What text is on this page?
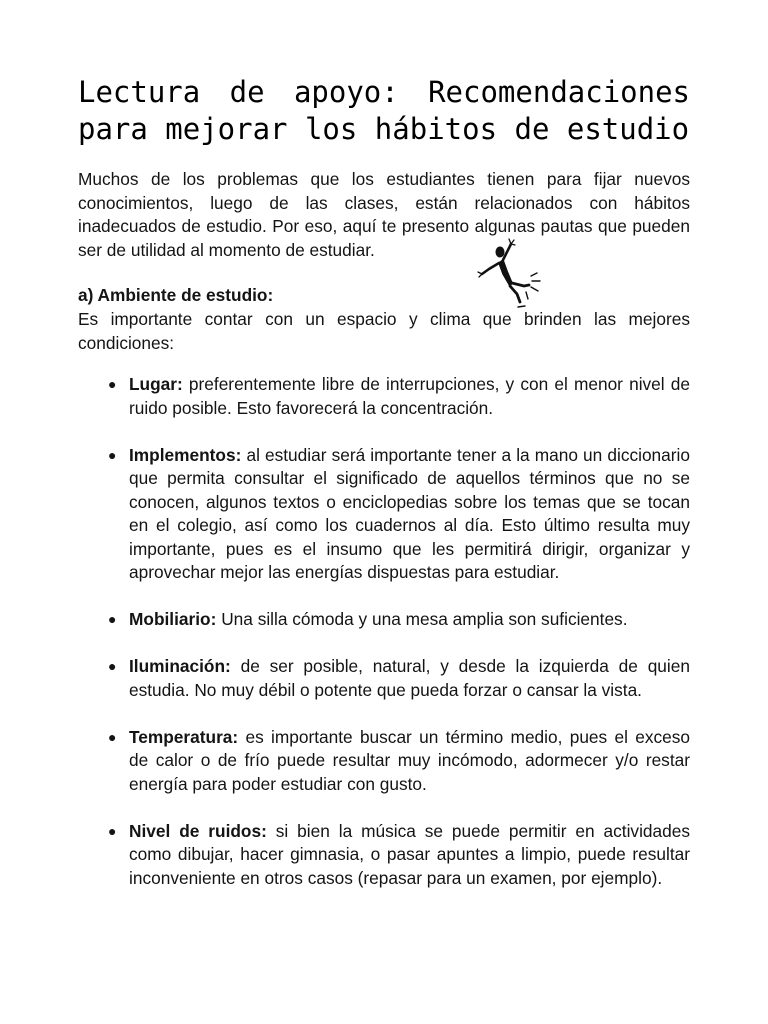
Lectura de apoyo: Recomendaciones para mejorar los hábitos de estudio

Muchos de los problemas que los estudiantes tienen para fijar nuevos conocimientos, luego de las clases, están relacionados con hábitos inadecuados de estudio. Por eso, aquí te presento algunas pautas que pueden ser de utilidad al momento de estudiar.

a) Ambiente de estudio:

Es importante contar con un espacio y clima que brinden las mejores condiciones:

● Lugar: preferentemente libre de interrupciones, y con el menor nivel de ruido posible. Esto favorecerá la concentración.
● Implementos: al estudiar será importante tener a la mano un diccionario que permita consultar el significado de aquellos términos que no se conocen, algunos textos o enciclopedias sobre los temas que se tocan en el colegio, así como los cuadernos al día. Esto último resulta muy importante, pues es el insumo que les permitirá dirigir, organizar y aprovechar mejor las energías dispuestas para estudiar.
● Mobiliario: Una silla cómoda y una mesa amplia son suficientes.
● Iluminación: de ser posible, natural, y desde la izquierda de quien estudia. No muy débil o potente que pueda forzar o cansar la vista.
● Temperatura: es importante buscar un término medio, pues el exceso de calor o de frío puede resultar muy incómodo, adormecer y/o restar energía para poder estudiar con gusto.
● Nivel de ruidos: si bien la música se puede permitir en actividades como dibujar, hacer gimnasia, o pasar apuntes a limpio, puede resultar inconveniente en otros casos (repasar para un examen, por ejemplo).
